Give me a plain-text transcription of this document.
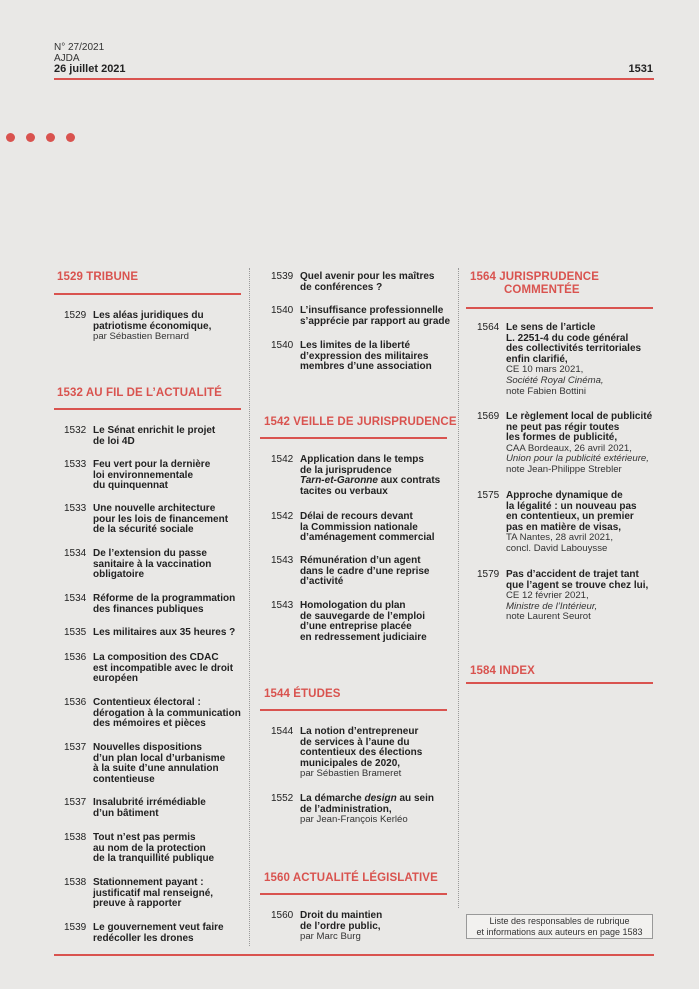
N° 27/2021
AJDA
26 juillet 2021	1531
1529 TRIBUNE
1529 Les aléas juridiques du
patriotisme économique,
par Sébastien Bernard
1532 AU FIL DE L’ACTUALITÉ
1532 Le Sénat enrichit le projet
de loi 4D
1533 Feu vert pour la dernière
loi environnementale
du quinquennat
1533 Une nouvelle architecture
pour les lois de financement
de la sécurité sociale
1534 De l’extension du passe
sanitaire à la vaccination
obligatoire
1534 Réforme de la programmation
des finances publiques
1535 Les militaires aux 35 heures ?
1536 La composition des CDAC
est incompatible avec le droit
européen
1536 Contentieux électoral :
dérogation à la communication
des mémoires et pièces
1537 Nouvelles dispositions
d’un plan local d’urbanisme
à la suite d’une annulation
contentieuse
1537 Insalubrité irrémédiable
d’un bâtiment
1538 Tout n’est pas permis
au nom de la protection
de la tranquillité publique
1538 Stationnement payant :
justificatif mal renseigné,
preuve à rapporter
1539 Le gouvernement veut faire
redécoller les drones
1539 Quel avenir pour les maîtres
de conférences ?
1540 L’insuffisance professionnelle
s’apprécie par rapport au grade
1540 Les limites de la liberté
d’expression des militaires
membres d’une association
1542 VEILLE DE JURISPRUDENCE
1542 Application dans le temps
de la jurisprudence
Tarn-et-Garonne aux contrats
tacites ou verbaux
1542 Délai de recours devant
la Commission nationale
d’aménagement commercial
1543 Rémunération d’un agent
dans le cadre d’une reprise
d’activité
1543 Homologation du plan
de sauvegarde de l’emploi
d’une entreprise placée
en redressement judiciaire
1544 ÉTUDES
1544 La notion d’entrepreneur
de services à l’aune du
contentieux des élections
municipales de 2020,
par Sébastien Brameret
1552 La démarche design au sein
de l’administration,
par Jean-François Kerléo
1560 ACTUALITÉ LÉGISLATIVE
1560 Droit du maintien
de l’ordre public,
par Marc Burg
1564 JURISPRUDENCE
COMMENTÉE
1564 Le sens de l’article
L. 2251-4 du code général
des collectivités territoriales
enfin clarifié,
CE 10 mars 2021,
Société Royal Cinéma,
note Fabien Bottini
1569 Le règlement local de publicité
ne peut pas régir toutes
les formes de publicité,
CAA Bordeaux, 26 avril 2021,
Union pour la publicité extérieure,
note Jean-Philippe Strebler
1575 Approche dynamique de
la légalité : un nouveau pas
en contentieux, un premier
pas en matière de visas,
TA Nantes, 28 avril 2021,
concl. David Labouysse
1579 Pas d’accident de trajet tant
que l’agent se trouve chez lui,
CE 12 février 2021,
Ministre de l’Intérieur,
note Laurent Seurot
1584 INDEX
Liste des responsables de rubrique
et informations aux auteurs en page 1583
